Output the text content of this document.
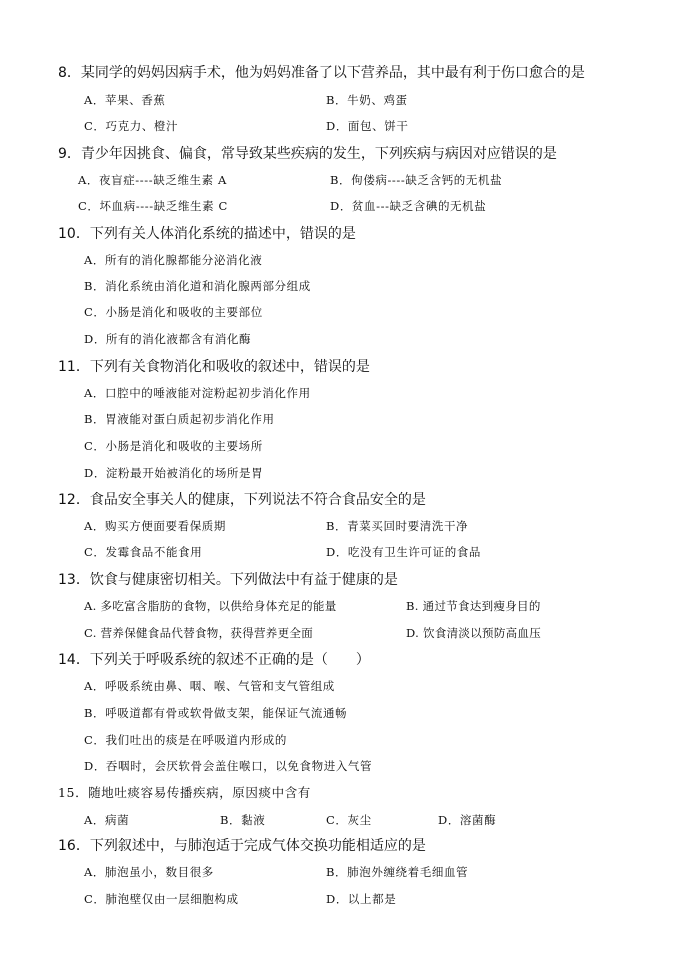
8．某同学的妈妈因病手术，他为妈妈准备了以下营养品，其中最有利于伤口愈合的是
A．苹果、香蕉	B．牛奶、鸡蛋
C．巧克力、橙汁	D．面包、饼干
9．青少年因挑食、偏食，常导致某些疾病的发生，下列疾病与病因对应错误的是
A．夜盲症----缺乏维生素 A	B．佝偻病----缺乏含钙的无机盐
C．坏血病----缺乏维生素 C	D．贫血---缺乏含碘的无机盐
10．下列有关人体消化系统的描述中，错误的是
A．所有的消化腺都能分泌消化液
B．消化系统由消化道和消化腺两部分组成
C．小肠是消化和吸收的主要部位
D．所有的消化液都含有消化酶
11．下列有关食物消化和吸收的叙述中，错误的是
A．口腔中的唾液能对淀粉起初步消化作用
B．胃液能对蛋白质起初步消化作用
C．小肠是消化和吸收的主要场所
D．淀粉最开始被消化的场所是胃
12．食品安全事关人的健康，下列说法不符合食品安全的是
A．购买方便面要看保质期	B．青菜买回时要清洗干净
C．发霉食品不能食用	D．吃没有卫生许可证的食品
13．饮食与健康密切相关。下列做法中有益于健康的是
A. 多吃富含脂肪的食物，以供给身体充足的能量	B. 通过节食达到瘦身目的
C. 营养保健食品代替食物，获得营养更全面	D. 饮食清淡以预防高血压
14．下列关于呼吸系统的叙述不正确的是（　　）
A．呼吸系统由鼻、咽、喉、气管和支气管组成
B．呼吸道都有骨或软骨做支架，能保证气流通畅
C．我们吐出的痰是在呼吸道内形成的
D．吞咽时，会厌软骨会盖住喉口，以免食物进入气管
15．随地吐痰容易传播疾病，原因痰中含有
A．病菌	B．黏液	C．灰尘	D．溶菌酶
16．下列叙述中，与肺泡适于完成气体交换功能相适应的是
A．肺泡虽小，数目很多	B．肺泡外缠绕着毛细血管
C．肺泡壁仅由一层细胞构成	D．以上都是
